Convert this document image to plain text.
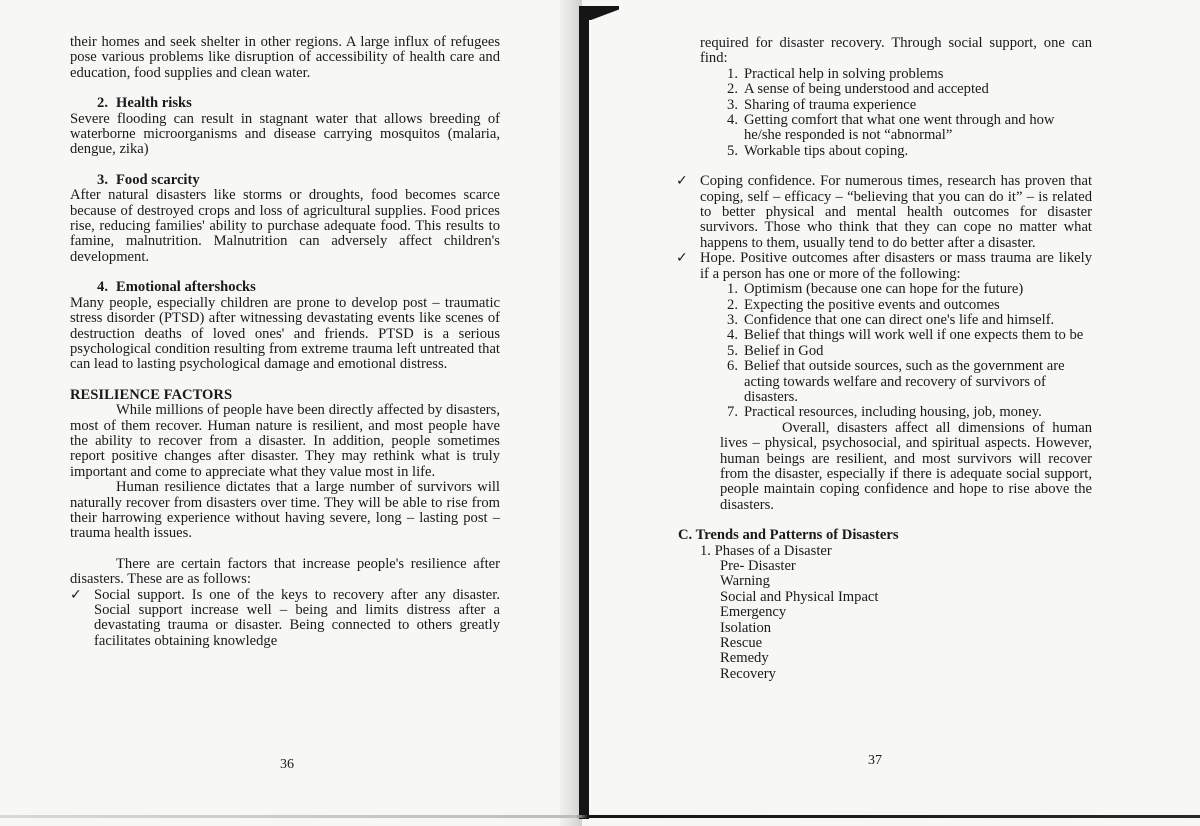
their homes and seek shelter in other regions. A large influx of refugees pose various problems like disruption of accessibility of health care and education, food supplies and clean water.

2. Health risks

Severe flooding can result in stagnant water that allows breeding of waterborne microorganisms and disease carrying mosquitos (malaria, dengue, zika)

3. Food scarcity

After natural disasters like storms or droughts, food becomes scarce because of destroyed crops and loss of agricultural supplies. Food prices rise, reducing families' ability to purchase adequate food. This results to famine, malnutrition. Malnutrition can adversely affect children's development.

4. Emotional aftershocks

Many people, especially children are prone to develop post – traumatic stress disorder (PTSD) after witnessing devastating events like scenes of destruction deaths of loved ones' and friends. PTSD is a serious psychological condition resulting from extreme trauma left untreated that can lead to lasting psychological damage and emotional distress.

RESILIENCE FACTORS

While millions of people have been directly affected by disasters, most of them recover. Human nature is resilient, and most people have the ability to recover from a disaster. In addition, people sometimes report positive changes after disaster. They may rethink what is truly important and come to appreciate what they value most in life.

Human resilience dictates that a large number of survivors will naturally recover from disasters over time. They will be able to rise from their harrowing experience without having severe, long – lasting post – trauma health issues.

There are certain factors that increase people's resilience after disasters. These are as follows:

✓ Social support. Is one of the keys to recovery after any disaster. Social support increase well – being and limits distress after a devastating trauma or disaster. Being connected to others greatly facilitates obtaining knowledge

36

required for disaster recovery. Through social support, one can find:

1. Practical help in solving problems
2. A sense of being understood and accepted
3. Sharing of trauma experience
4. Getting comfort that what one went through and how he/she responded is not “abnormal”
5. Workable tips about coping.
✓ Coping confidence. For numerous times, research has proven that coping, self – efficacy – “believing that you can do it” – is related to better physical and mental health outcomes for disaster survivors. Those who think that they can cope no matter what happens to them, usually tend to do better after a disaster.

✓ Hope. Positive outcomes after disasters or mass trauma are likely if a person has one or more of the following:

1. Optimism (because one can hope for the future)
2. Expecting the positive events and outcomes
3. Confidence that one can direct one's life and himself.
4. Belief that things will work well if one expects them to be
5. Belief in God
6. Belief that outside sources, such as the government are acting towards welfare and recovery of survivors of disasters.
7. Practical resources, including housing, job, money.

Overall, disasters affect all dimensions of human lives – physical, psychosocial, and spiritual aspects. However, human beings are resilient, and most survivors will recover from the disaster, especially if there is adequate social support, people maintain coping confidence and hope to rise above the disasters.

C. Trends and Patterns of Disasters

1. Phases of a Disaster

Pre- Disaster
Warning
Social and Physical Impact
Emergency
Isolation
Rescue
Remedy
Recovery
37
